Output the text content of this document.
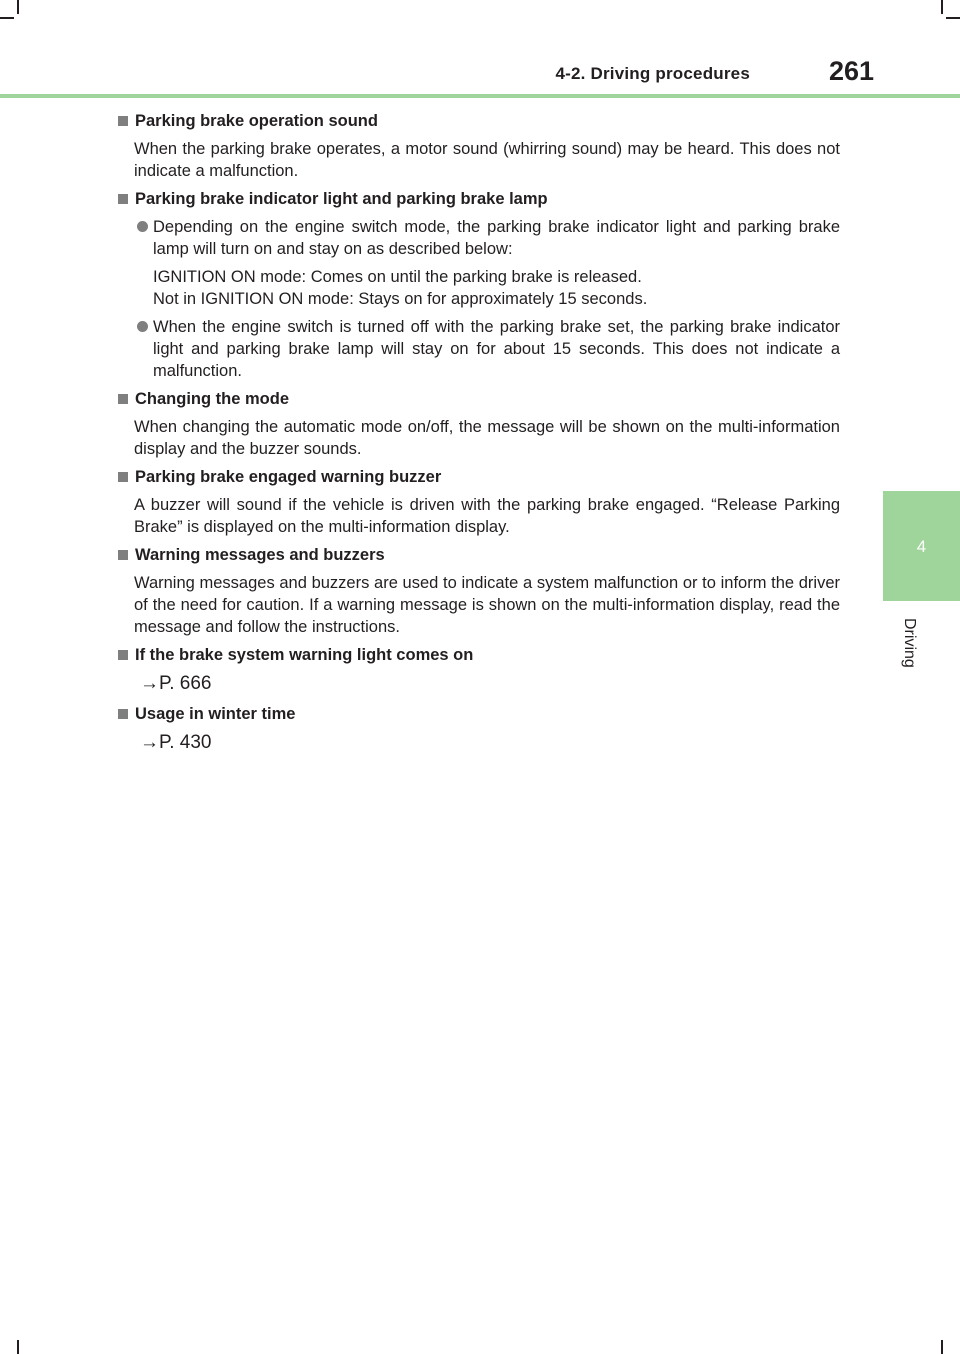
4-2. Driving procedures	261
4
Driving
Parking brake operation sound
When the parking brake operates, a motor sound (whirring sound) may be heard. This does not indicate a malfunction.
Parking brake indicator light and parking brake lamp
Depending on the engine switch mode, the parking brake indicator light and parking brake lamp will turn on and stay on as described below:
IGNITION ON mode: Comes on until the parking brake is released.
Not in IGNITION ON mode: Stays on for approximately 15 seconds.
When the engine switch is turned off with the parking brake set, the parking brake indicator light and parking brake lamp will stay on for about 15 seconds. This does not indicate a malfunction.
Changing the mode
When changing the automatic mode on/off, the message will be shown on the multi-information display and the buzzer sounds.
Parking brake engaged warning buzzer
A buzzer will sound if the vehicle is driven with the parking brake engaged. “Release Parking Brake” is displayed on the multi-information display.
Warning messages and buzzers
Warning messages and buzzers are used to indicate a system malfunction or to inform the driver of the need for caution. If a warning message is shown on the multi-information display, read the message and follow the instructions.
If the brake system warning light comes on
→P. 666
Usage in winter time
→P. 430
